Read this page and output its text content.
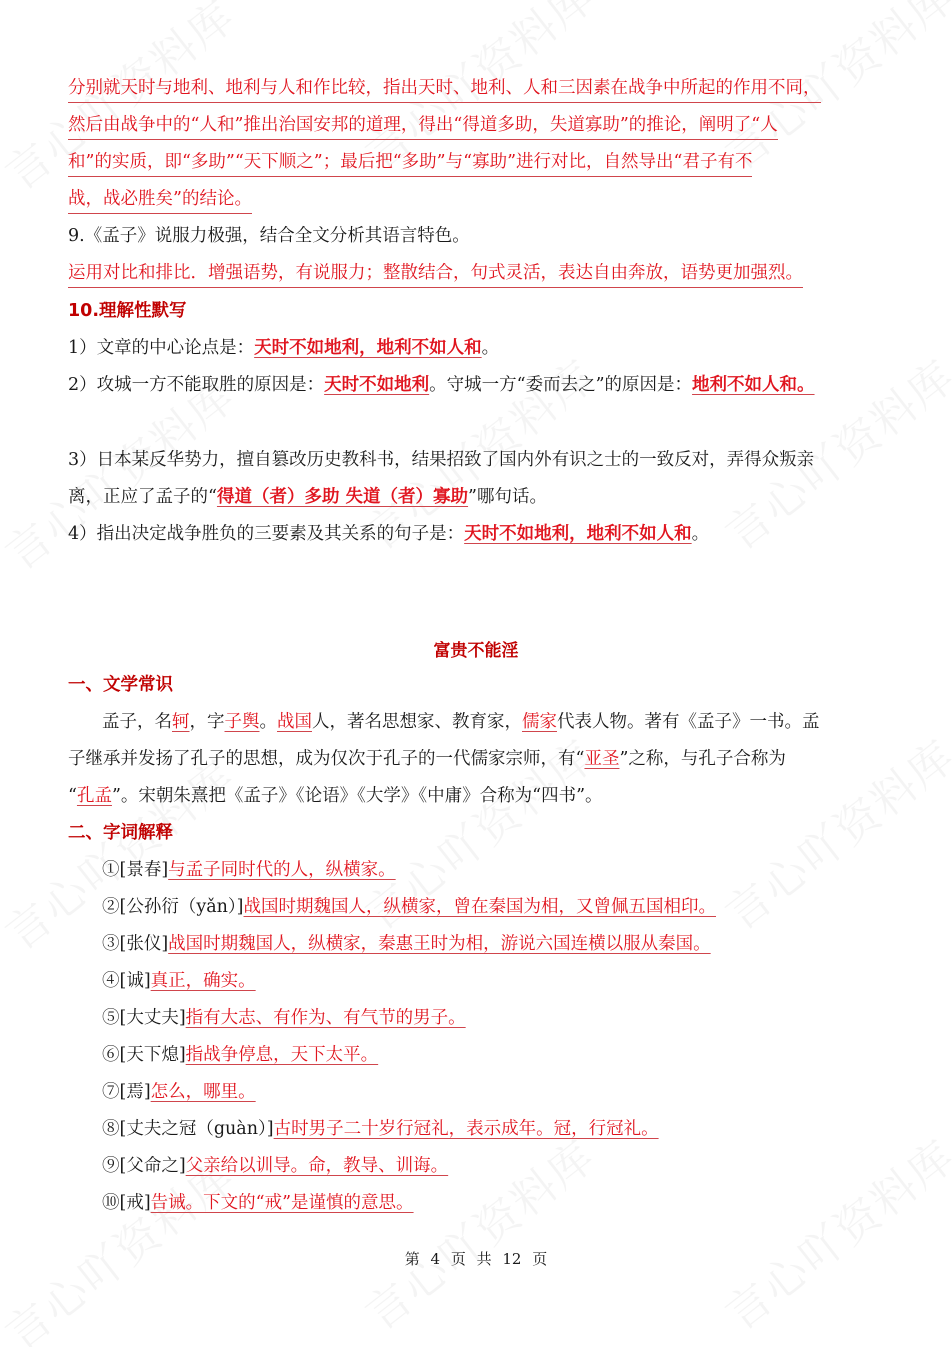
分别就天时与地利、地利与人和作比较，指出天时、地利、人和三因素在战争中所起的作用不同，
然后由战争中的“人和”推出治国安邦的道理，得出“得道多助，失道寡助”的推论，阐明了“人
和”的实质，即“多助”“天下顺之”；最后把“多助”与“寡助”进行对比，自然导出“君子有不
战，战必胜矣”的结论。
9.《孟子》说服力极强，结合全文分析其语言特色。
运用对比和排比．增强语势，有说服力；整散结合，句式灵活，表达自由奔放，语势更加强烈。
10.理解性默写
1）文章的中心论点是：天时不如地利，地利不如人和。
2）攻城一方不能取胜的原因是：天时不如地利。守城一方“委而去之”的原因是：地利不如人和。
3）日本某反华势力，擅自篡改历史教科书，结果招致了国内外有识之士的一致反对，弄得众叛亲
离，正应了孟子的“得道（者）多助 失道（者）寡助”哪句话。
4）指出决定战争胜负的三要素及其关系的句子是：天时不如地利，地利不如人和。
富贵不能淫
一、文学常识
孟子，名轲，字子舆。战国人，著名思想家、教育家，儒家代表人物。著有《孟子》一书。孟
子继承并发扬了孔子的思想，成为仅次于孔子的一代儒家宗师，有“亚圣”之称，与孔子合称为
“孔孟”。宋朝朱熹把《孟子》《论语》《大学》《中庸》合称为“四书”。
二、字词解释
①[景春]与孟子同时代的人，纵横家。
②[公孙衍（yǎn）]战国时期魏国人，纵横家，曾在秦国为相，又曾佩五国相印。
③[张仪]战国时期魏国人，纵横家，秦惠王时为相，游说六国连横以服从秦国。
④[诚]真正，确实。
⑤[大丈夫]指有大志、有作为、有气节的男子。
⑥[天下熄]指战争停息，天下太平。
⑦[焉]怎么，哪里。
⑧[丈夫之冠（guàn）]古时男子二十岁行冠礼，表示成年。冠，行冠礼。
⑨[父命之]父亲给以训导。命，教导、训诲。
⑩[戒]告诫。下文的“戒”是谨慎的意思。
第 4 页 共 12 页
